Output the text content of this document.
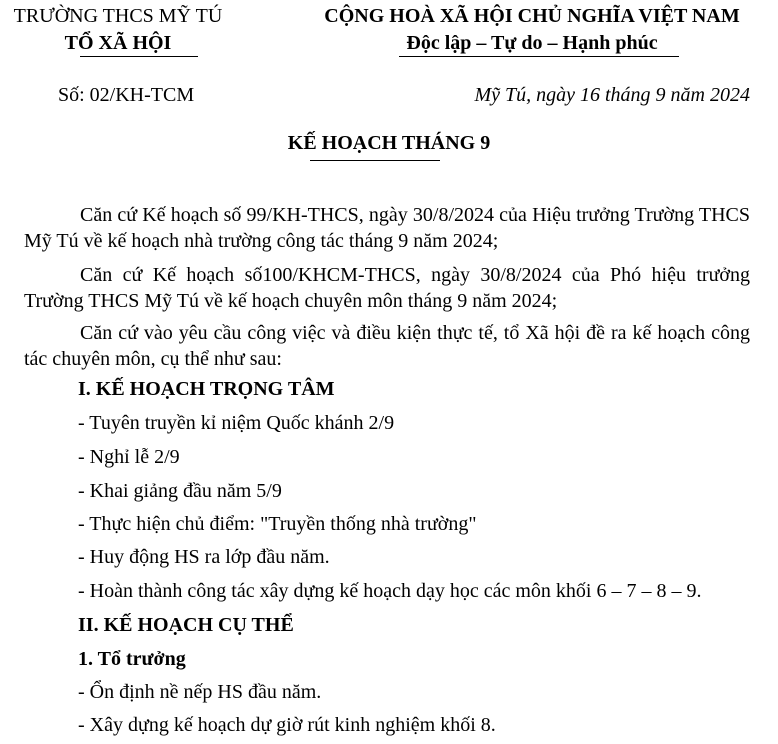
TRƯỜNG THCS MỸ TÚ
TỔ XÃ HỘI
CỘNG HOÀ XÃ HỘI CHỦ NGHĨA VIỆT NAM
Độc lập – Tự do – Hạnh phúc
Số: 02/KH-TCM	Mỹ Tú, ngày 16 tháng 9 năm 2024
KẾ HOẠCH THÁNG 9
Căn cứ Kế hoạch số 99/KH-THCS, ngày 30/8/2024 của Hiệu trưởng Trường THCS Mỹ Tú về kế hoạch nhà trường công tác tháng 9 năm 2024;
Căn cứ Kế hoạch số100/KHCM-THCS, ngày 30/8/2024 của Phó hiệu trưởng Trường THCS Mỹ Tú về kế hoạch chuyên môn tháng 9 năm 2024;
Căn cứ vào yêu cầu công việc và điều kiện thực tế, tổ Xã hội đề ra kế hoạch công tác chuyên môn, cụ thể như sau:
I. KẾ HOẠCH TRỌNG TÂM
- Tuyên truyền kỉ niệm Quốc khánh 2/9
- Nghỉ lễ 2/9
- Khai giảng đầu năm 5/9
- Thực hiện chủ điểm: "Truyền thống nhà trường"
- Huy động HS ra lớp đầu năm.
- Hoàn thành công tác xây dựng kế hoạch dạy học các môn khối 6 – 7 – 8 – 9.
II. KẾ HOẠCH CỤ THỂ
1. Tổ trưởng
- Ổn định nề nếp HS đầu năm.
- Xây dựng kế hoạch dự giờ rút kinh nghiệm khối 8.
